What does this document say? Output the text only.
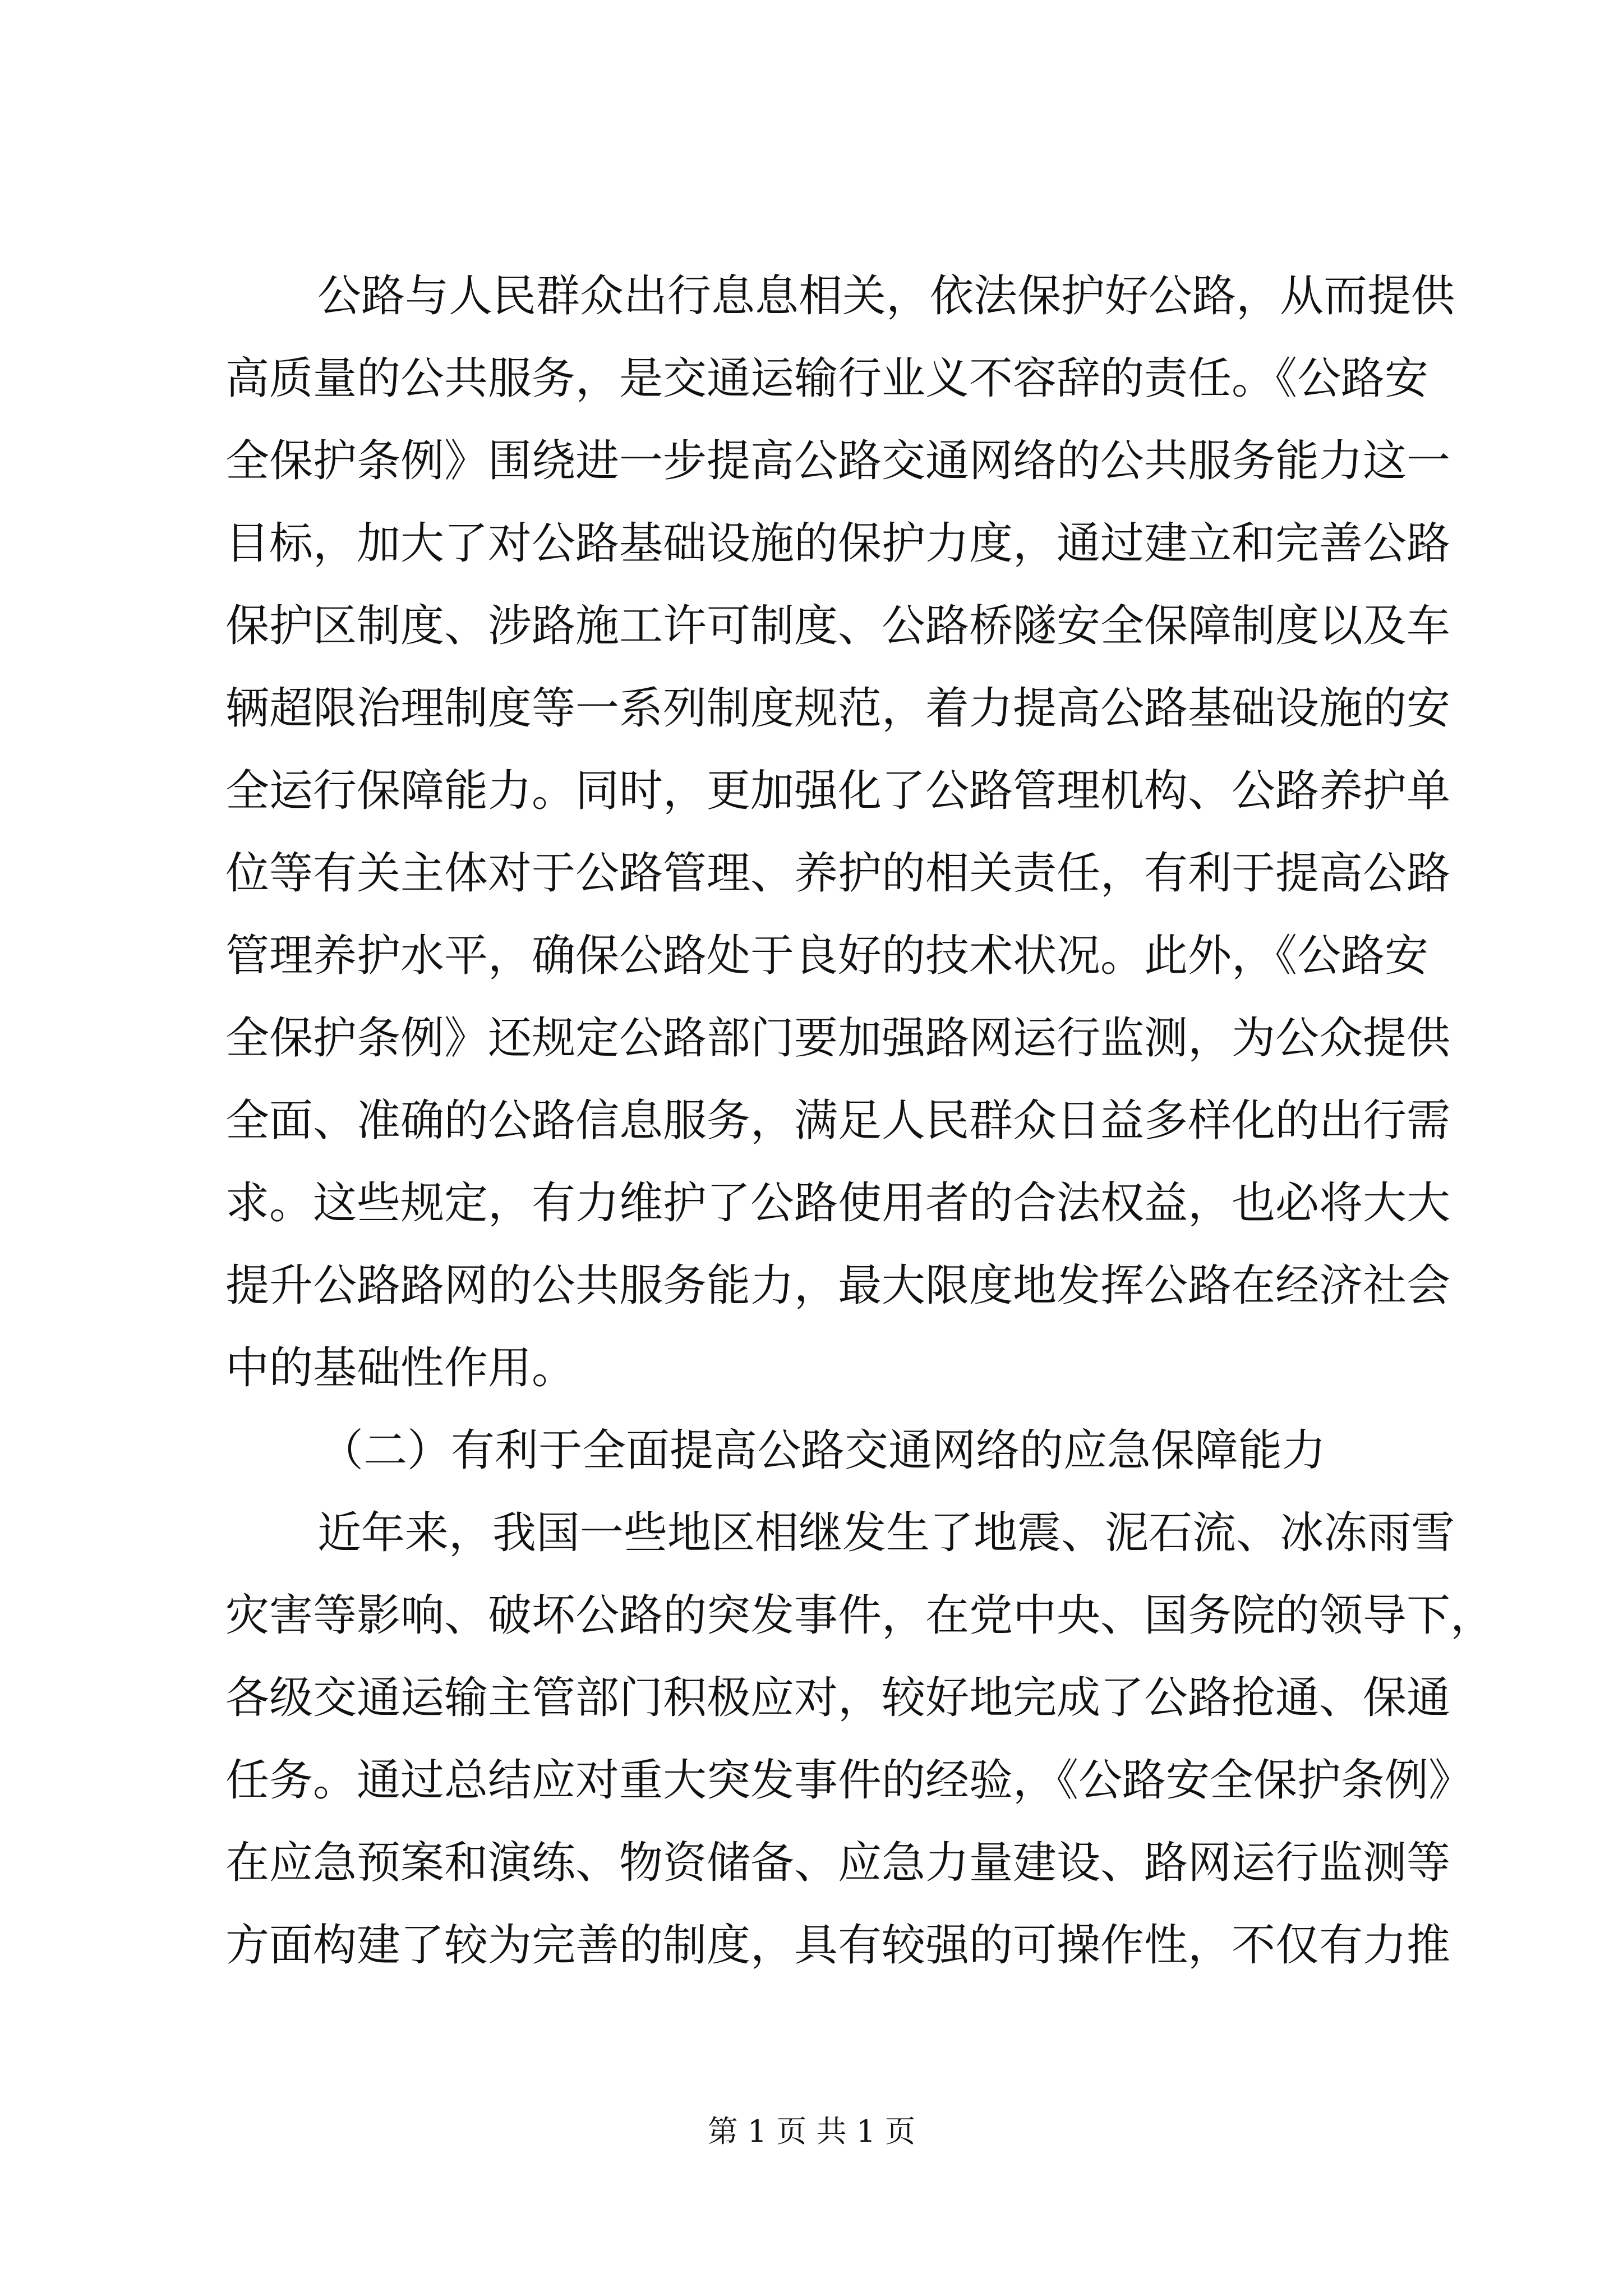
公路与人民群众出行息息相关，依法保护好公路，从而提供
高质量的公共服务，是交通运输行业义不容辞的责任。《公路安
全保护条例》围绕进一步提高公路交通网络的公共服务能力这一
目标，加大了对公路基础设施的保护力度，通过建立和完善公路
保护区制度、涉路施工许可制度、公路桥隧安全保障制度以及车
辆超限治理制度等一系列制度规范，着力提高公路基础设施的安
全运行保障能力。同时，更加强化了公路管理机构、公路养护单
位等有关主体对于公路管理、养护的相关责任，有利于提高公路
管理养护水平，确保公路处于良好的技术状况。此外，《公路安
全保护条例》还规定公路部门要加强路网运行监测，为公众提供
全面、准确的公路信息服务，满足人民群众日益多样化的出行需
求。这些规定，有力维护了公路使用者的合法权益，也必将大大
提升公路路网的公共服务能力，最大限度地发挥公路在经济社会
中的基础性作用。
（二）有利于全面提高公路交通网络的应急保障能力
近年来，我国一些地区相继发生了地震、泥石流、冰冻雨雪
灾害等影响、破坏公路的突发事件，在党中央、国务院的领导下，
各级交通运输主管部门积极应对，较好地完成了公路抢通、保通
任务。通过总结应对重大突发事件的经验，《公路安全保护条例》
在应急预案和演练、物资储备、应急力量建设、路网运行监测等
方面构建了较为完善的制度，具有较强的可操作性，不仅有力推
第 1 页 共 1 页
